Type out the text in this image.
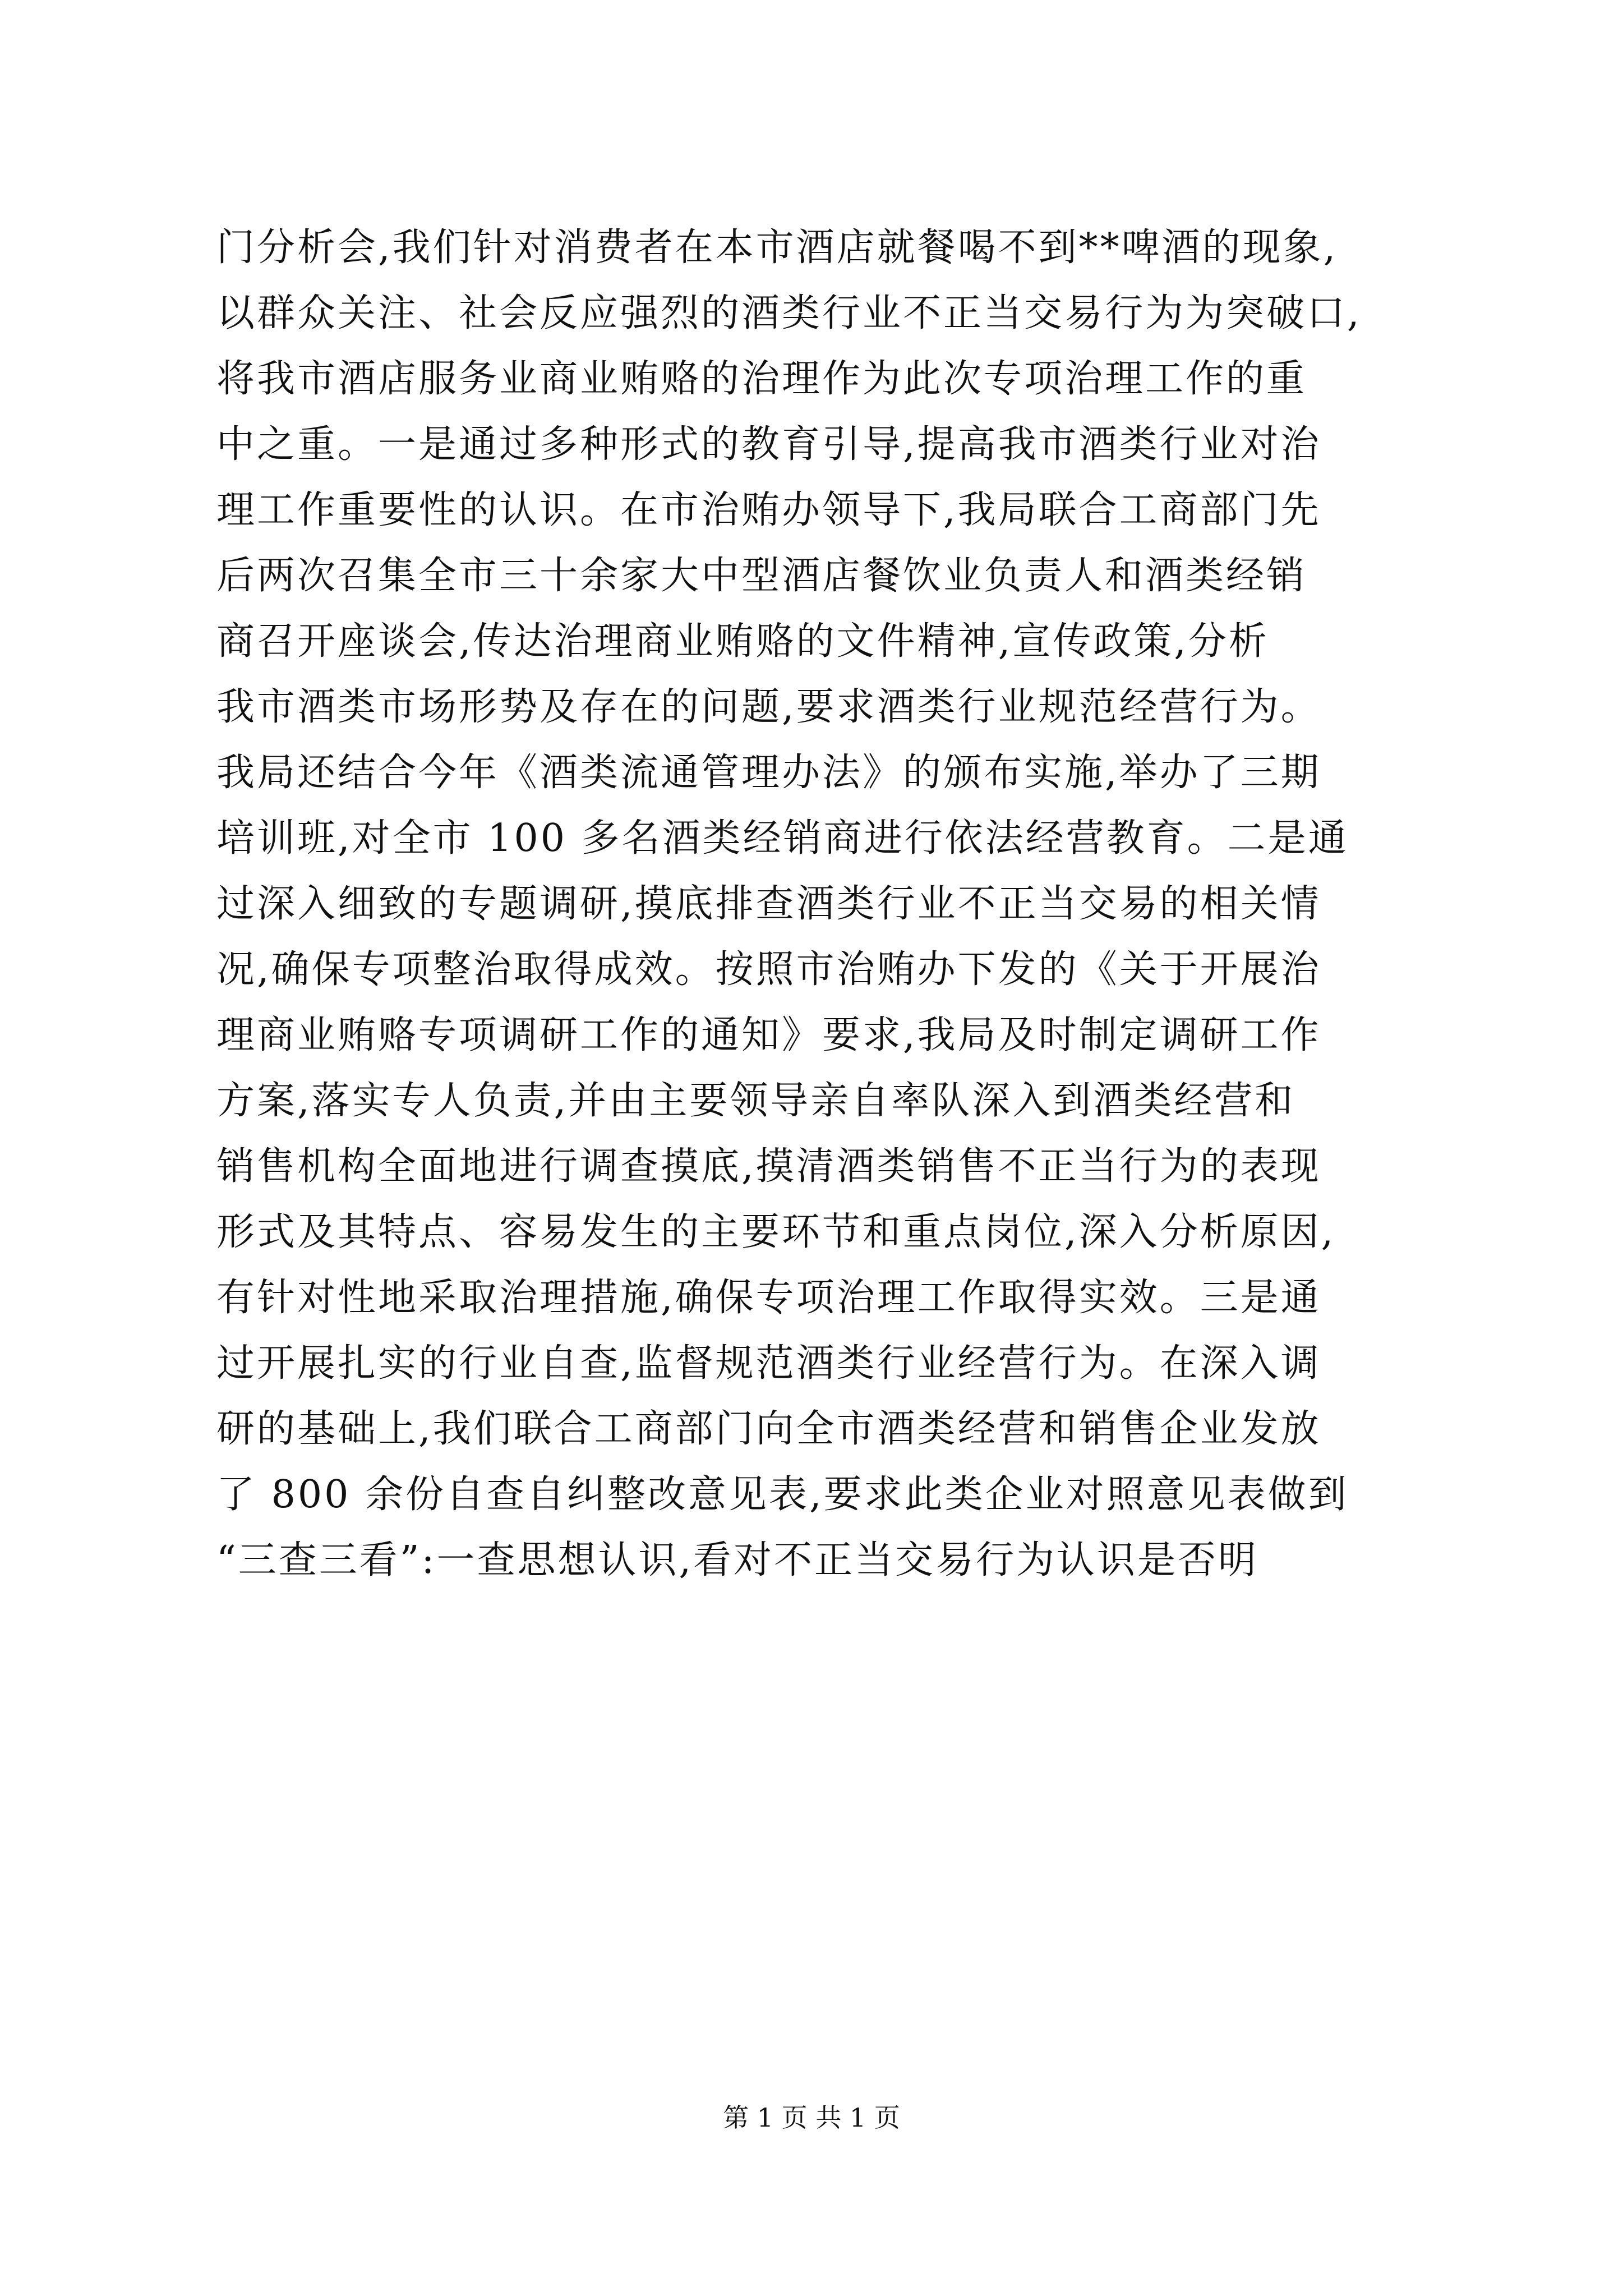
门分析会,我们针对消费者在本市酒店就餐喝不到**啤酒的现象,
以群众关注、社会反应强烈的酒类行业不正当交易行为为突破口,
将我市酒店服务业商业贿赂的治理作为此次专项治理工作的重
中之重。一是通过多种形式的教育引导,提高我市酒类行业对治
理工作重要性的认识。在市治贿办领导下,我局联合工商部门先
后两次召集全市三十余家大中型酒店餐饮业负责人和酒类经销
商召开座谈会,传达治理商业贿赂的文件精神,宣传政策,分析
我市酒类市场形势及存在的问题,要求酒类行业规范经营行为。
我局还结合今年《酒类流通管理办法》的颁布实施,举办了三期
培训班,对全市 100 多名酒类经销商进行依法经营教育。二是通
过深入细致的专题调研,摸底排查酒类行业不正当交易的相关情
况,确保专项整治取得成效。按照市治贿办下发的《关于开展治
理商业贿赂专项调研工作的通知》要求,我局及时制定调研工作
方案,落实专人负责,并由主要领导亲自率队深入到酒类经营和
销售机构全面地进行调查摸底,摸清酒类销售不正当行为的表现
形式及其特点、容易发生的主要环节和重点岗位,深入分析原因,
有针对性地采取治理措施,确保专项治理工作取得实效。三是通
过开展扎实的行业自查,监督规范酒类行业经营行为。在深入调
研的基础上,我们联合工商部门向全市酒类经营和销售企业发放
了 800 余份自查自纠整改意见表,要求此类企业对照意见表做到
“三查三看”:一查思想认识,看对不正当交易行为认识是否明
第 1 页 共 1 页
